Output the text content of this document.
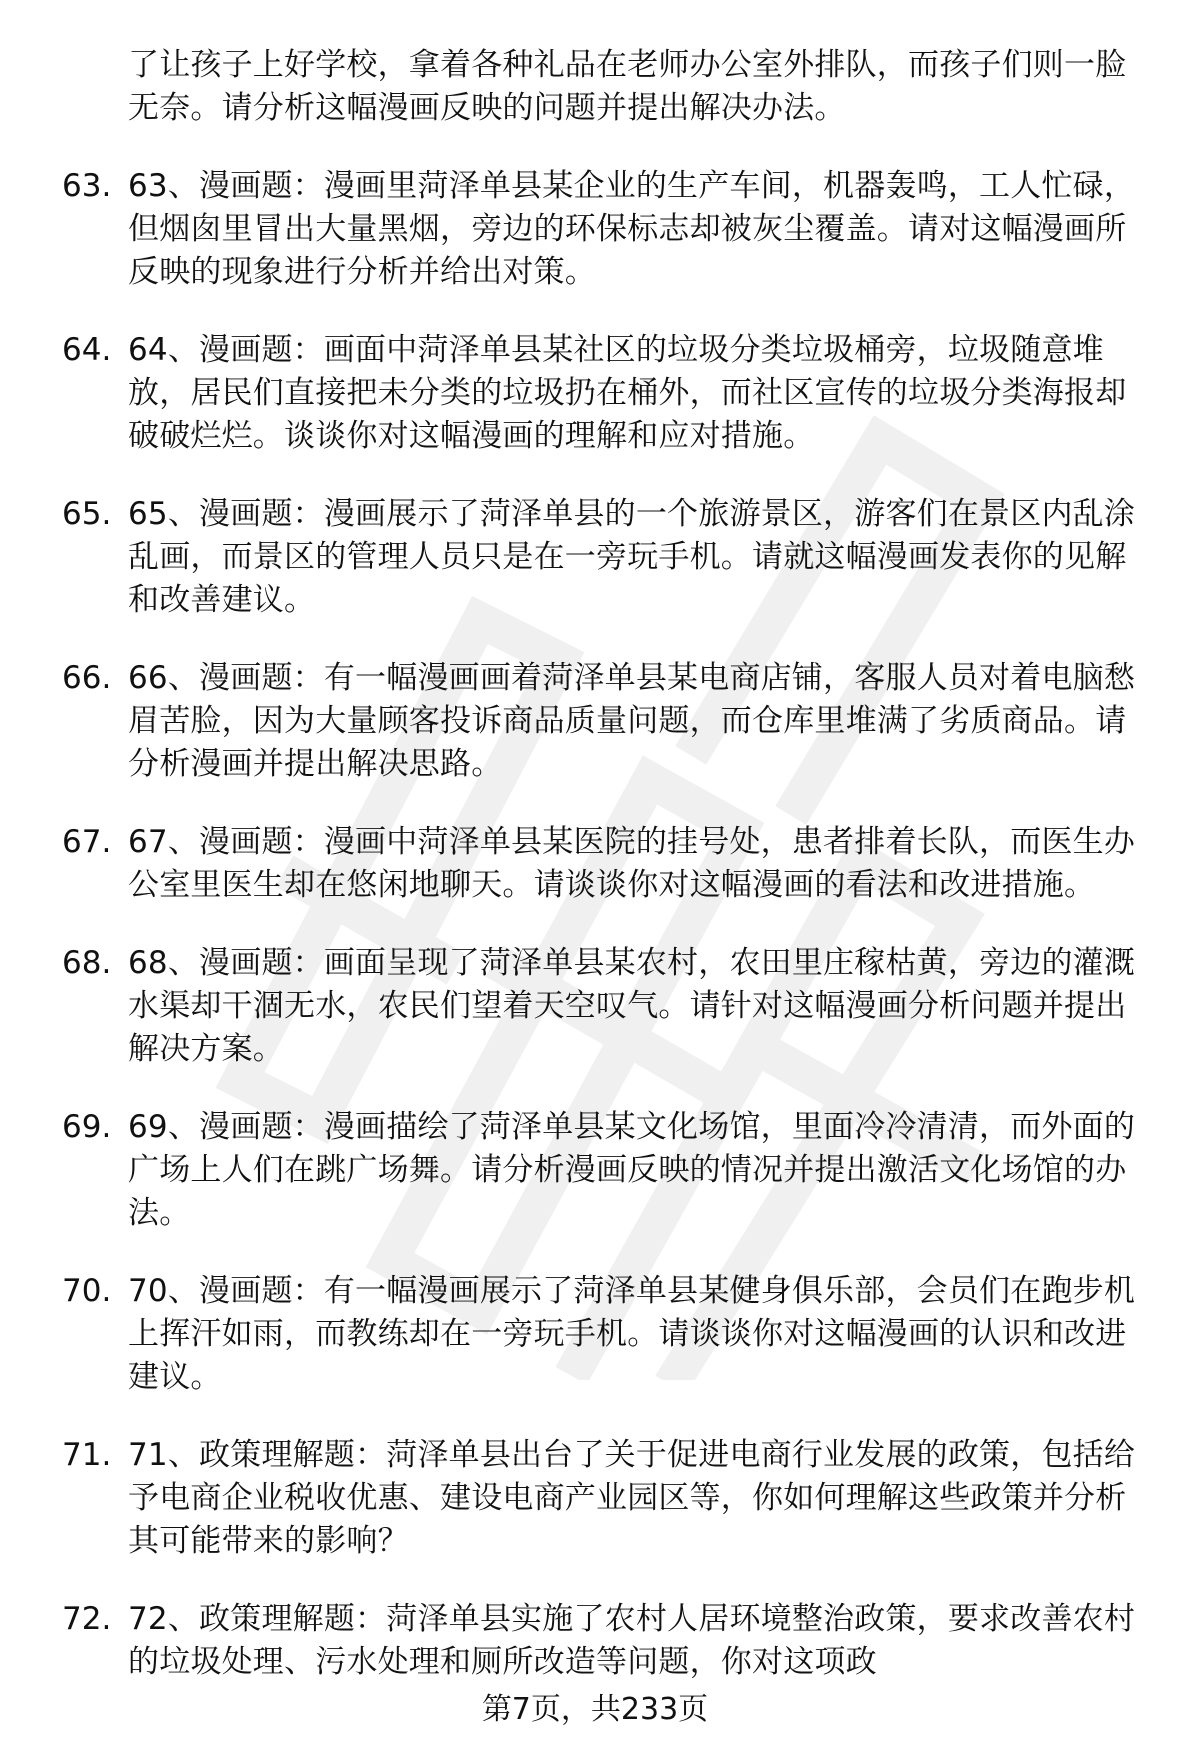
了让孩子上好学校，拿着各种礼品在老师办公室外排队，而孩子们则一脸无奈。请分析这幅漫画反映的问题并提出解决办法。
63. 63、漫画题：漫画里菏泽单县某企业的生产车间，机器轰鸣，工人忙碌，但烟囱里冒出大量黑烟，旁边的环保标志却被灰尘覆盖。请对这幅漫画所反映的现象进行分析并给出对策。
64. 64、漫画题：画面中菏泽单县某社区的垃圾分类垃圾桶旁，垃圾随意堆放，居民们直接把未分类的垃圾扔在桶外，而社区宣传的垃圾分类海报却破破烂烂。谈谈你对这幅漫画的理解和应对措施。
65. 65、漫画题：漫画展示了菏泽单县的一个旅游景区，游客们在景区内乱涂乱画，而景区的管理人员只是在一旁玩手机。请就这幅漫画发表你的见解和改善建议。
66. 66、漫画题：有一幅漫画画着菏泽单县某电商店铺，客服人员对着电脑愁眉苦脸，因为大量顾客投诉商品质量问题，而仓库里堆满了劣质商品。请分析漫画并提出解决思路。
67. 67、漫画题：漫画中菏泽单县某医院的挂号处，患者排着长队，而医生办公室里医生却在悠闲地聊天。请谈谈你对这幅漫画的看法和改进措施。
68. 68、漫画题：画面呈现了菏泽单县某农村，农田里庄稼枯黄，旁边的灌溉水渠却干涸无水，农民们望着天空叹气。请针对这幅漫画分析问题并提出解决方案。
69. 69、漫画题：漫画描绘了菏泽单县某文化场馆，里面冷冷清清，而外面的广场上人们在跳广场舞。请分析漫画反映的情况并提出激活文化场馆的办法。
70. 70、漫画题：有一幅漫画展示了菏泽单县某健身俱乐部，会员们在跑步机上挥汗如雨，而教练却在一旁玩手机。请谈谈你对这幅漫画的认识和改进建议。
71. 71、政策理解题：菏泽单县出台了关于促进电商行业发展的政策，包括给予电商企业税收优惠、建设电商产业园区等，你如何理解这些政策并分析其可能带来的影响？
72. 72、政策理解题：菏泽单县实施了农村人居环境整治政策，要求改善农村的垃圾处理、污水处理和厕所改造等问题，你对这项政
第7页，共233页
